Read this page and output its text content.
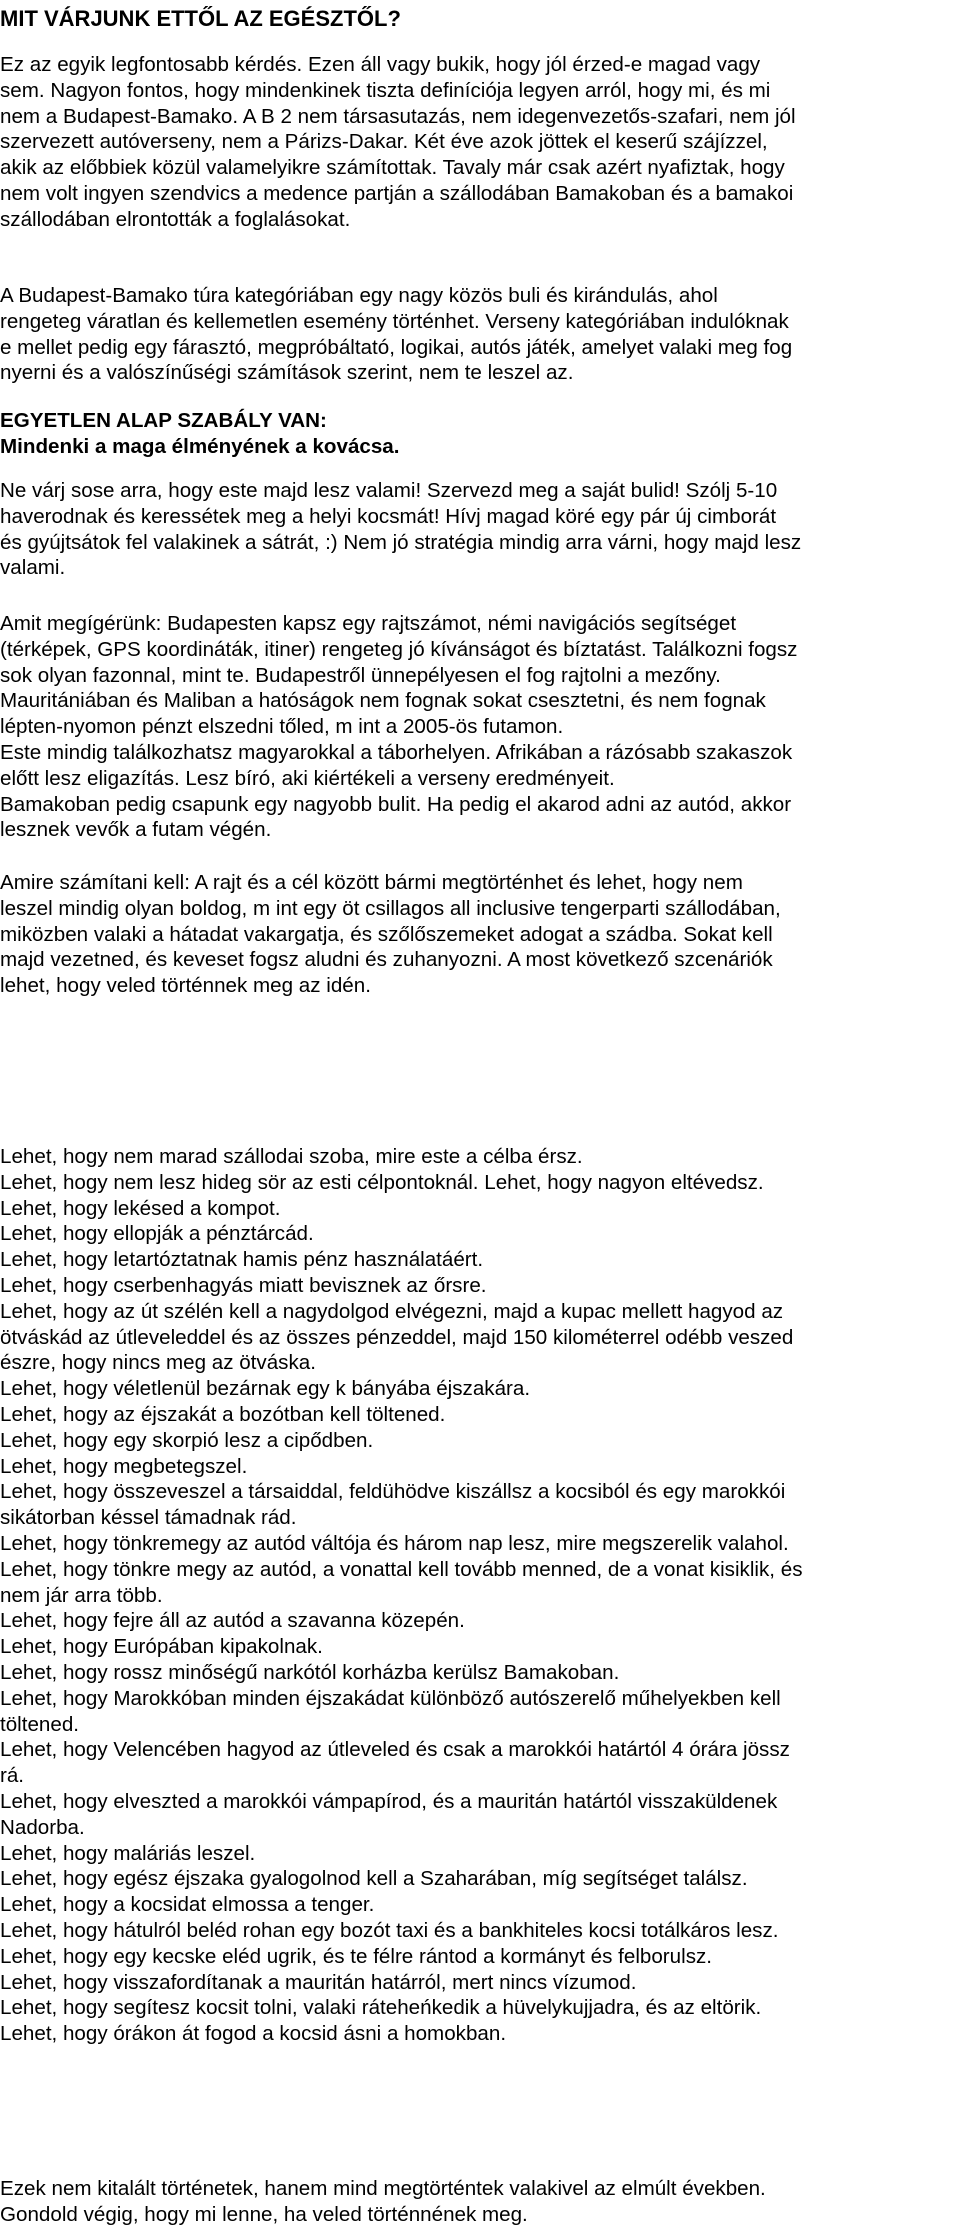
MIT VÁRJUNK ETTŐL AZ EGÉSZTŐL?

Ez az egyik legfontosabb kérdés. Ezen áll vagy bukik, hogy jól érzed-e magad vagy
sem. Nagyon fontos, hogy mindenkinek tiszta definíciója legyen arról, hogy mi, és mi
nem a Budapest-Bamako. A B 2 nem társasutazás, nem idegenvezetős-szafari, nem jól
szervezett autóverseny, nem a Párizs-Dakar. Két éve azok jöttek el keserű szájízzel,
akik az előbbiek közül valamelyikre számítottak. Tavaly már csak azért nyafiztak, hogy
nem volt ingyen szendvics a medence partján a szállodában Bamakoban és a bamakoi
szállodában elrontották a foglalásokat.

A Budapest-Bamako túra kategóriában egy nagy közös buli és kirándulás, ahol
rengeteg váratlan és kellemetlen esemény történhet. Verseny kategóriában indulóknak
e mellet pedig egy fárasztó, megpróbáltató, logikai, autós játék, amelyet valaki meg fog
nyerni és a valószínűségi számítások szerint, nem te leszel az.

EGYETLEN ALAP SZABÁLY VAN:
Mindenki a maga élményének a kovácsa.

Ne várj sose arra, hogy este majd lesz valami! Szervezd meg a saját bulid! Szólj 5-10
haverodnak és keressétek meg a helyi kocsmát! Hívj magad köré egy pár új cimborát
és gyújtsátok fel valakinek a sátrát, :) Nem jó stratégia mindig arra várni, hogy majd lesz
valami.

Amit megígérünk: Budapesten kapsz egy rajtszámot, némi navigációs segítséget
(térképek, GPS koordináták, itiner) rengeteg jó kívánságot és bíztatást. Találkozni fogsz
sok olyan fazonnal, mint te. Budapestről ünnepélyesen el fog rajtolni a mezőny.
Mauritániában és Maliban a hatóságok nem fognak sokat csesztetni, és nem fognak
lépten-nyomon pénzt elszedni tőled, m int a 2005-ös futamon.
Este mindig találkozhatsz magyarokkal a táborhelyen. Afrikában a rázósabb szakaszok
előtt lesz eligazítás. Lesz bíró, aki kiértékeli a verseny eredményeit.
Bamakoban pedig csapunk egy nagyobb bulit. Ha pedig el akarod adni az autód, akkor
lesznek vevők a futam végén.

Amire számítani kell: A rajt és a cél között bármi megtörténhet és lehet, hogy nem
leszel mindig olyan boldog, m int egy öt csillagos all inclusive tengerparti szállodában,
miközben valaki a hátadat vakargatja, és szőlőszemeket adogat a szádba. Sokat kell
majd vezetned, és keveset fogsz aludni és zuhanyozni. A most következő szcenáriók
lehet, hogy veled történnek meg az idén.

Lehet, hogy nem marad szállodai szoba, mire este a célba érsz.
Lehet, hogy nem lesz hideg sör az esti célpontoknál. Lehet, hogy nagyon eltévedsz.
Lehet, hogy lekésed a kompot.
Lehet, hogy ellopják a pénztárcád.
Lehet, hogy letartóztatnak hamis pénz használatáért.
Lehet, hogy cserbenhagyás miatt bevisznek az őrsre.
Lehet, hogy az út szélén kell a nagydolgod elvégezni, majd a kupac mellett hagyod az
ötváskád az útleveleddel és az összes pénzeddel, majd 150 kilométerrel odébb veszed
észre, hogy nincs meg az ötváska.
Lehet, hogy véletlenül bezárnak egy k bányába éjszakára.
Lehet, hogy az éjszakát a bozótban kell töltened.
Lehet, hogy egy skorpió lesz a cipődben.
Lehet, hogy megbetegszel.
Lehet, hogy összeveszel a társaiddal, feldühödve kiszállsz a kocsiból és egy marokkói
sikátorban késsel támadnak rád.
Lehet, hogy tönkremegy az autód váltója és három nap lesz, mire megszerelik valahol.
Lehet, hogy tönkre megy az autód, a vonattal kell tovább menned, de a vonat kisiklik, és
nem jár arra több.
Lehet, hogy fejre áll az autód a szavanna közepén.
Lehet, hogy Európában kipakolnak.
Lehet, hogy rossz minőségű narkótól korházba kerülsz Bamakoban.
Lehet, hogy Marokkóban minden éjszakádat különböző autószerelő műhelyekben kell
töltened.
Lehet, hogy Velencében hagyod az útleveled és csak a marokkói határtól 4 órára jössz
rá.
Lehet, hogy elveszted a marokkói vámpapírod, és a mauritán határtól visszaküldenek
Nadorba.
Lehet, hogy maláriás leszel.
Lehet, hogy egész éjszaka gyalogolnod kell a Szaharában, míg segítséget találsz.
Lehet, hogy a kocsidat elmossa a tenger.
Lehet, hogy hátulról beléd rohan egy bozót taxi és a bankhiteles kocsi totálkáros lesz.
Lehet, hogy egy kecske eléd ugrik, és te félre rántod a kormányt és felborulsz.
Lehet, hogy visszafordítanak a mauritán határról, mert nincs vízumod.
Lehet, hogy segítesz kocsit tolni, valaki ráteheńkedik a hüvelykujjadra, és az eltörik.
Lehet, hogy órákon át fogod a kocsid ásni a homokban.

Ezek nem kitalált történetek, hanem mind megtörténtek valakivel az elmúlt években.
Gondold végig, hogy mi lenne, ha veled történnének meg.
